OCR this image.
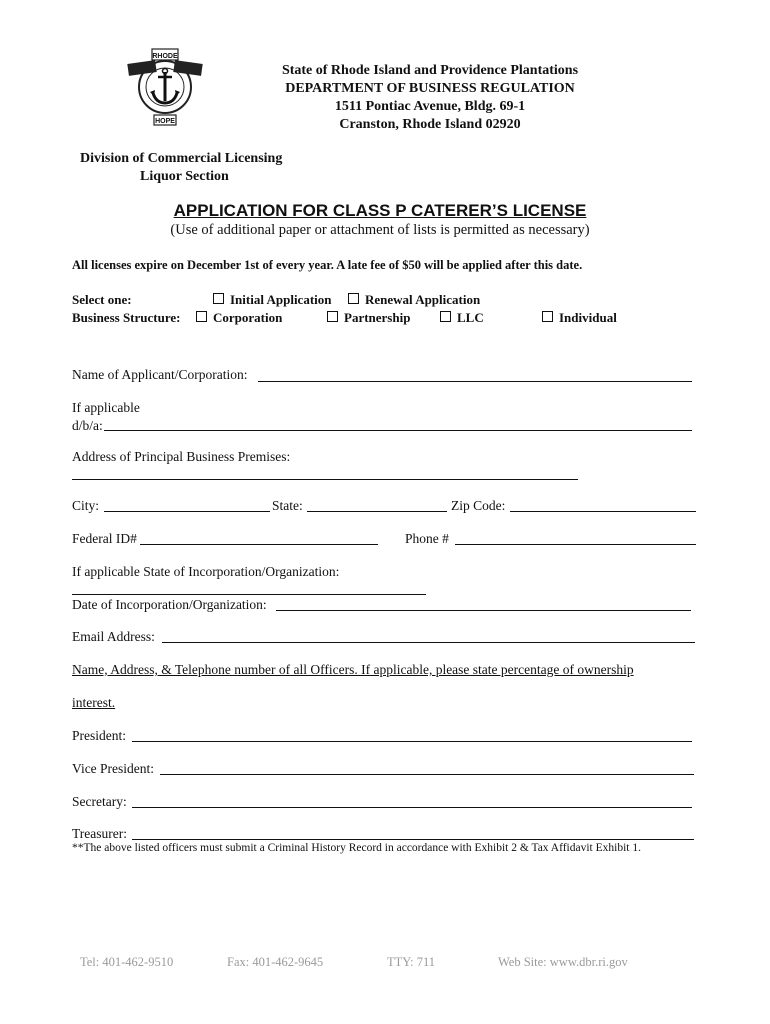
RHODE
HOPE
State of Rhode Island and Providence Plantations
DEPARTMENT OF BUSINESS REGULATION
1511 Pontiac Avenue, Bldg. 69-1
Cranston, Rhode Island 02920
Division of Commercial Licensing
Liquor Section
APPLICATION FOR CLASS P CATERER’S LICENSE
(Use of additional paper or attachment of lists is permitted as necessary)
All licenses expire on December 1st of every year. A late fee of $50 will be applied after this date.
Select one:	Initial Application	Renewal Application
Business Structure:	Corporation	Partnership	LLC	Individual
Name of Applicant/Corporation:
If applicable
d/b/a:
Address of Principal Business Premises:
City:	State:	Zip Code:
Federal ID#	Phone #
If applicable State of Incorporation/Organization:
Date of Incorporation/Organization:
Email Address:
Name, Address, & Telephone number of all Officers. If applicable, please state percentage of ownership
interest.
President:
Vice President:
Secretary:
Treasurer:
**The above listed officers must submit a Criminal History Record in accordance with Exhibit 2 & Tax Affidavit Exhibit 1.
Tel: 401-462-9510	Fax: 401-462-9645	TTY: 711	Web Site: www.dbr.ri.gov
